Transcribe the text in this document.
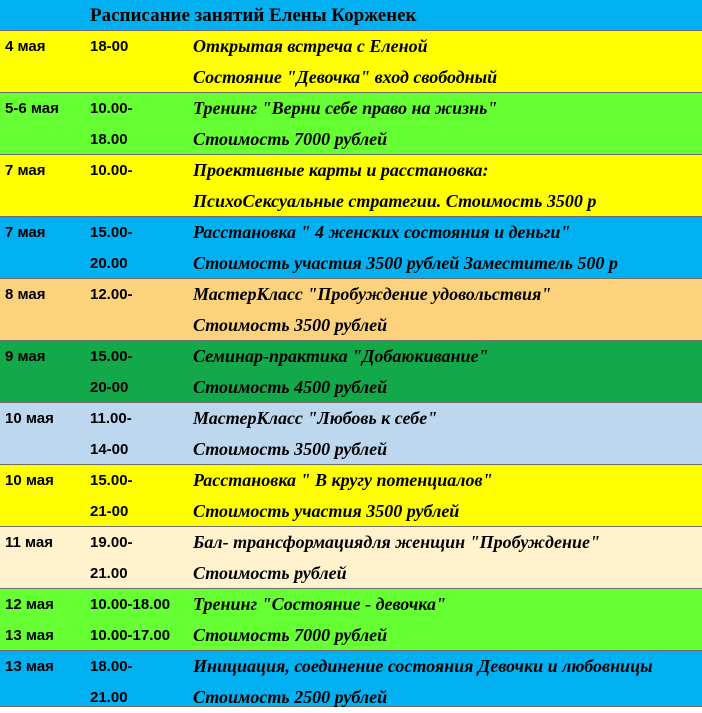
Расписание занятий Елены Корженек
4 мая	18-00	Открытая встреча с Еленой
Состояние "Девочка" вход свободный
5-6 мая 10.00-	Тренинг "Верни себе право на жизнь"
18.00	Стоимость 7000 рублей
7 мая	10.00-	Проективные карты и расстановка:
ПсихоСексуальные стратегии. Стоимость 3500 р
7 мая	15.00-	Расстановка " 4 женских состояния и деньги"
20.00	Стоимость участия 3500 рублей Заместитель 500 р
8 мая	12.00-	МастерКласс "Пробуждение удовольствия"
Стоимость 3500 рублей
9 мая	15.00-	Семинар-практика "Добаюкивание"
20-00	Стоимость 4500 рублей
10 мая 11.00-	МастерКласс "Любовь к себе"
14-00	Стоимость 3500 рублей
10 мая 15.00-	Расстановка " В кругу потенциалов"
21-00	Стоимость участия 3500 рублей
11 мая 19.00-	Бал- трансформациядля женщин "Пробуждение"
21.00	Стоимость рублей
12 мая 10.00-18.00 Тренинг "Состояние - девочка"
13 мая 10.00-17.00 Стоимость 7000 рублей
13 мая 18.00-	Инициация, соединение состояния Девочки и любовницы
21.00	Стоимость 2500 рублей
